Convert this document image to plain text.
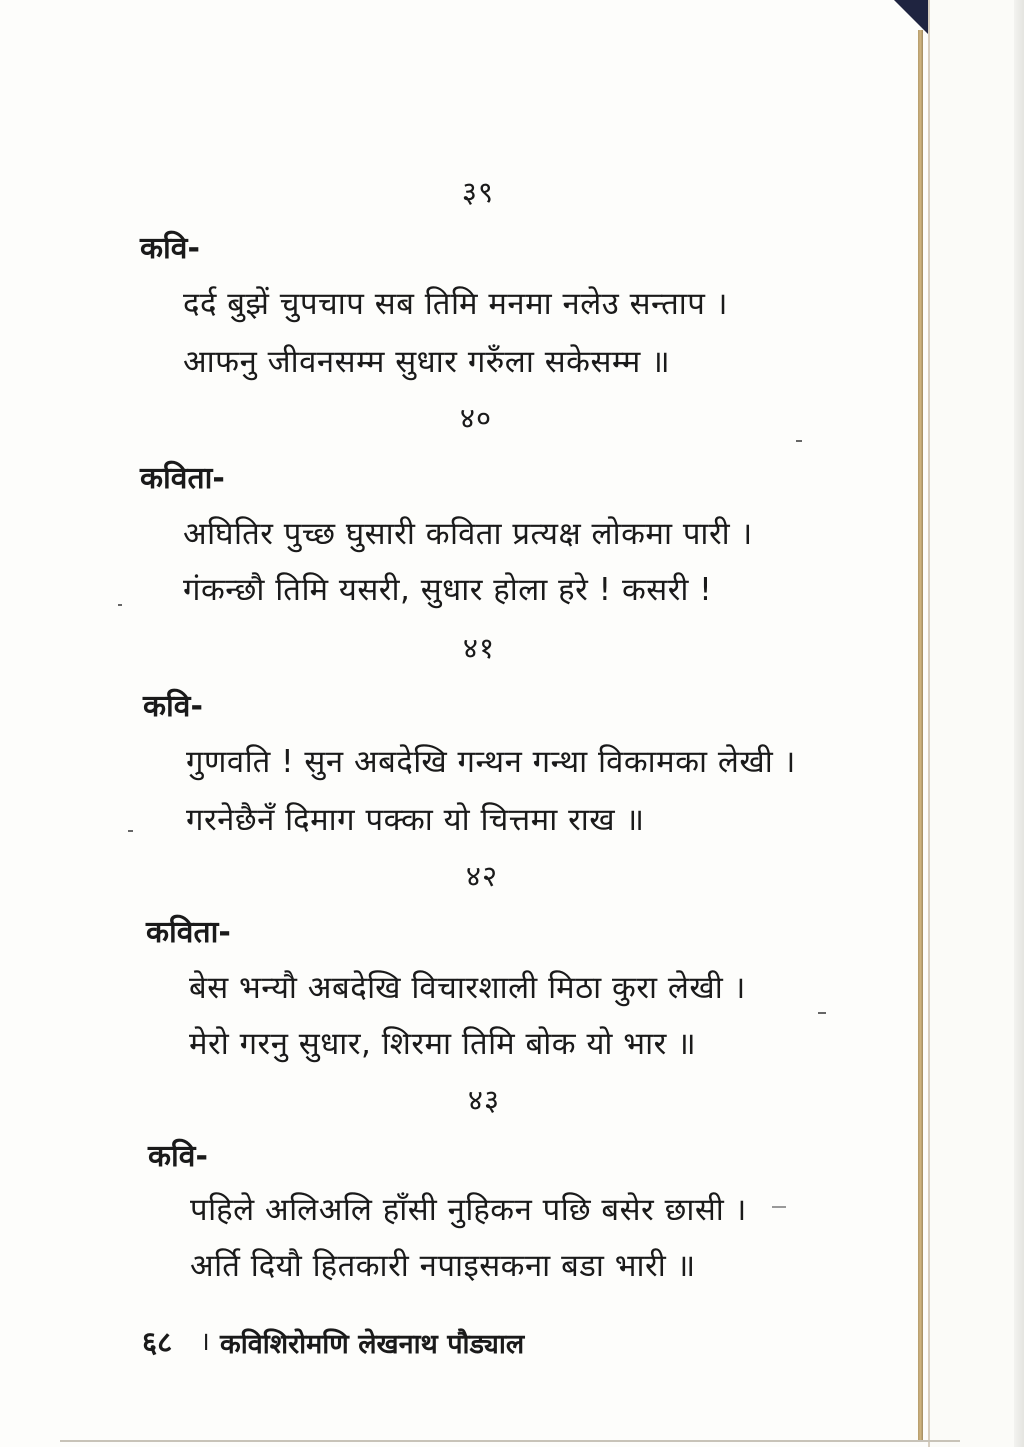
३९
कवि-
दर्द बुझें चुपचाप सब तिमि मनमा नलेउ सन्ताप ।
आफनु जीवनसम्म सुधार गरुँला सकेसम्म ॥
४०
कविता-
अघितिर पुच्छ घुसारी कविता प्रत्यक्ष लोकमा पारी ।
गंकन्छौ तिमि यसरी, सुधार होला हरे ! कसरी !
४१
कवि-
गुणवति ! सुन अबदेखि गन्थन गन्था विकामका लेखी ।
गरनेछैनँ दिमाग पक्का यो चित्तमा राख ॥
४२
कविता-
बेस भन्यौ अबदेखि विचारशाली मिठा कुरा लेखी ।
मेरो गरनु सुधार, शिरमा तिमि बोक यो भार ॥
४३
कवि-
पहिले अलिअलि हाँसी नुहिकन पछि बसेर छासी ।
अर्ति दियौ हितकारी नपाइसकना बडा भारी ॥
६८ । कविशिरोमणि लेखनाथ पौड्याल
